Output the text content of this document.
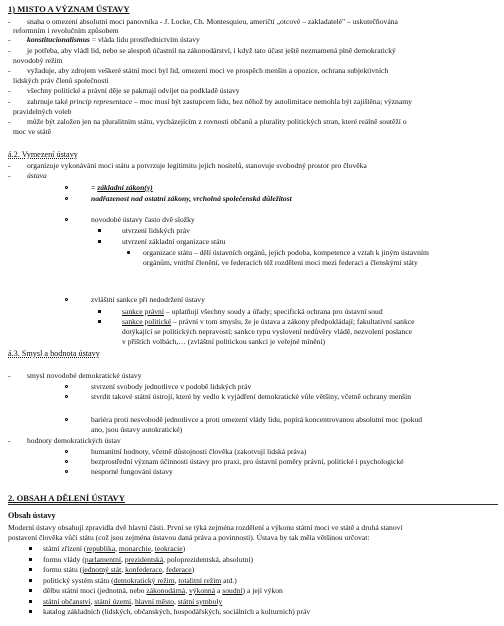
1) MISTO A VÝZNAM ÚSTAVY
- snaha o omezení absolutní moci panovníka - J. Locke, Ch. Montesquieu, američtí „otcové – zakladatelé" – uskutečňována
reformním i revolučním způsobem
- konstitucionalismus = vláda lidu prostřednictvím ústavy
- je potřeba, aby vládl lid, nebo se alespoň účastnil na zákonodárství, i když tato účast ještě nezmamená plně demokratický
novodobý režim
- vyžaduje, aby zdrojem veškeré státní moci byl lid, omezení moci ve prospěch menšin a opozice, ochrana subjektivních
lidských práv členů společnosti
- všechny politické a právní děje se pakmají odvíjet na podkladě ústavy
- zahrnuje také princip representace – moc musí být zastupcem lidu, bez něhož by autolimitace nemohla být zajištěna; významy
pravidelných voleb
- může být založen jen na pluralitním státu, vycházejícím z rovnosti občanů a plurality politických stran, které reálně soutěží o
moc ve státě
á.2. Vymezení ústavy
- organizuje vykonávání moci státu a potvrzuje legitimitu jejích nositelů, stanovuje svobodný prostor pro člověka
- ústava
= základní zákon(y)
nadřazenost nad ostatní zákony, vrcholná společenská důležitost
novodobé ústavy často dvě složky
utvrzení lidských práv
utvrzení základní organizace státu
organizace státu – dělí ústavních orgánů, jejich podoba, kompetence a vztah k jiným ústavním
orgánům, vnitřní členění, ve federacích též rozdělení moci mezi federaci a členskými státy
zvláštní sankce při nedodržení ústavy
sankce právní – uplatňují všechny soudy a úřady; specifická ochrana pro ústavní soud
sankce politické – právní v tom smyslu, že je ústava a zákony předpokládají; fakultativní sankce
dotýkající se politických nepravostí; sankce typu vyslovení nedůvěry vládě, nezvolení poslance
v příštích volbách,… (zvláštní politickou sankcí je veřejné mínění)
á.3. Smysl a hodnota ústavy
- smysl novodobé demokratické ústavy
stvrzení svobody jednotlivce v podobě lidských práv
stvrdit takové státní ústrojí, které by vedlo k vyjádření demokratické vůle většiny, včetně ochrany menšin
bariéra proti nesvobodě jednotlivce a proti omezení vlády lidu, popírá koncentrovanou absolutní moc (pokud
ano, jsou ústavy autokratické)
- hodnoty demokratických ústav
humanitní hodnoty, včetně důstojnosti člověka (zakotvují lidská práva)
bezprostřední význam účinnosti ústavy pro praxi, pro ústavní poměry právní, politické i psychologické
nesporné fungování ústavy
2. OBSAH A DĚLENÍ ÚSTAVY
Obsah ústavy
Moderní ústavy obsahují zpravidla dvě hlavní části. První se týká zejména rozdělení a výkonu státní moci ve státě a druhá stanoví
postavení člověka vůči státu (což jsou zejména ústavou daná práva a povinnosti). Ústava by tak měla většinou určovat:
státní zřízení (republika, monarchie, teokracie)
formu vlády (parlamentní, prezidentská, poloprezidentská, absolutní)
formu státu (jednotný stát, konfederace, federace)
politický systém státu (demokratický režim, totalitní režim atd.)
dělbu státní moci (jednotná, nebo zákonodárná, výkonná a soudní) a její výkon
státní občanství, státní území, hlavní město, státní symboly
katalog základních (lidských, občanských, hospodářských, sociálních a kulturních) práv
